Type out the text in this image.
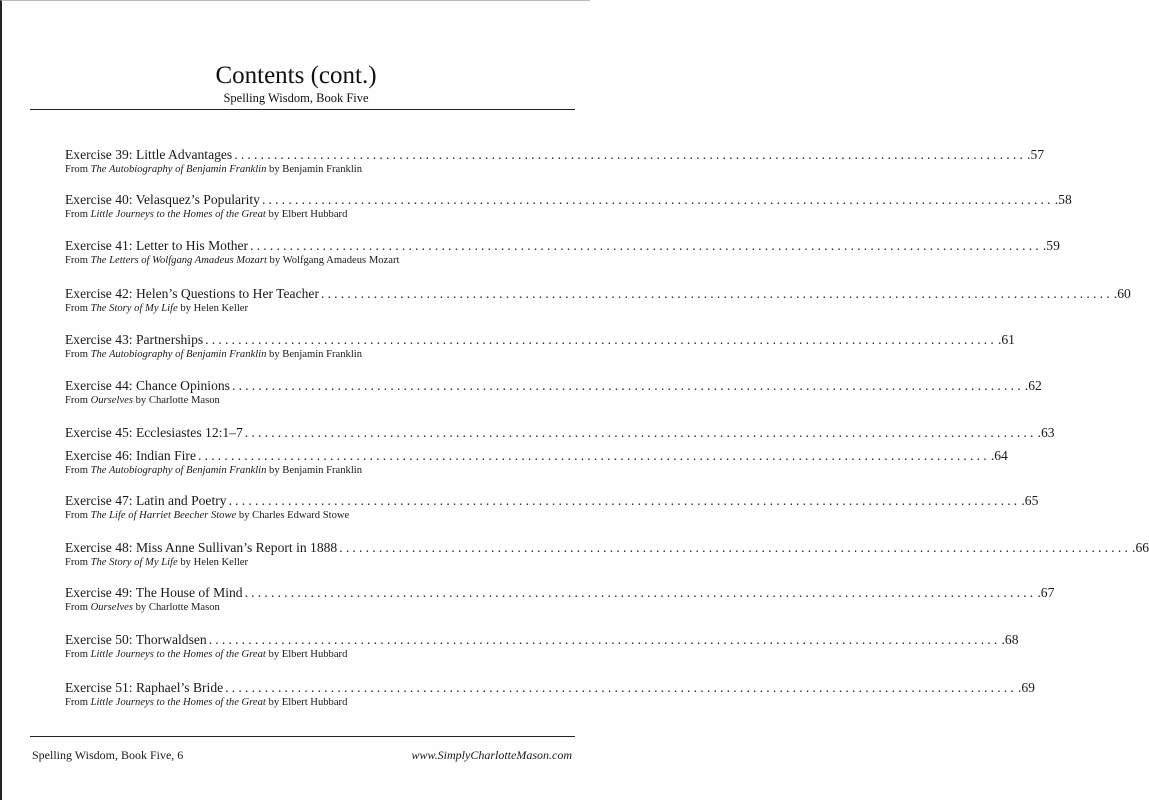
Contents (cont.)
Spelling Wisdom, Book Five
Exercise 39: Little Advantages ........................................................................................................................ .57
From The Autobiography of Benjamin Franklin by Benjamin Franklin
Exercise 40: Velasquez’s Popularity ........................................................................................................................ .58
From Little Journeys to the Homes of the Great by Elbert Hubbard
Exercise 41: Letter to His Mother ........................................................................................................................ .59
From The Letters of Wolfgang Amadeus Mozart by Wolfgang Amadeus Mozart
Exercise 42: Helen’s Questions to Her Teacher ........................................................................................................................ .60
From The Story of My Life by Helen Keller
Exercise 43: Partnerships ........................................................................................................................ .61
From The Autobiography of Benjamin Franklin by Benjamin Franklin
Exercise 44: Chance Opinions ........................................................................................................................ .62
From Ourselves by Charlotte Mason
Exercise 45: Ecclesiastes 12:1–7 ........................................................................................................................ .63
Exercise 46: Indian Fire ........................................................................................................................ .64
From The Autobiography of Benjamin Franklin by Benjamin Franklin
Exercise 47: Latin and Poetry ........................................................................................................................ .65
From The Life of Harriet Beecher Stowe by Charles Edward Stowe
Exercise 48: Miss Anne Sullivan’s Report in 1888 ........................................................................................................................ .66
From The Story of My Life by Helen Keller
Exercise 49: The House of Mind ........................................................................................................................ .67
From Ourselves by Charlotte Mason
Exercise 50: Thorwaldsen ........................................................................................................................ .68
From Little Journeys to the Homes of the Great by Elbert Hubbard
Exercise 51: Raphael’s Bride ........................................................................................................................ .69
From Little Journeys to the Homes of the Great by Elbert Hubbard
Spelling Wisdom, Book Five, 6	www.SimplyCharlotteMason.com
